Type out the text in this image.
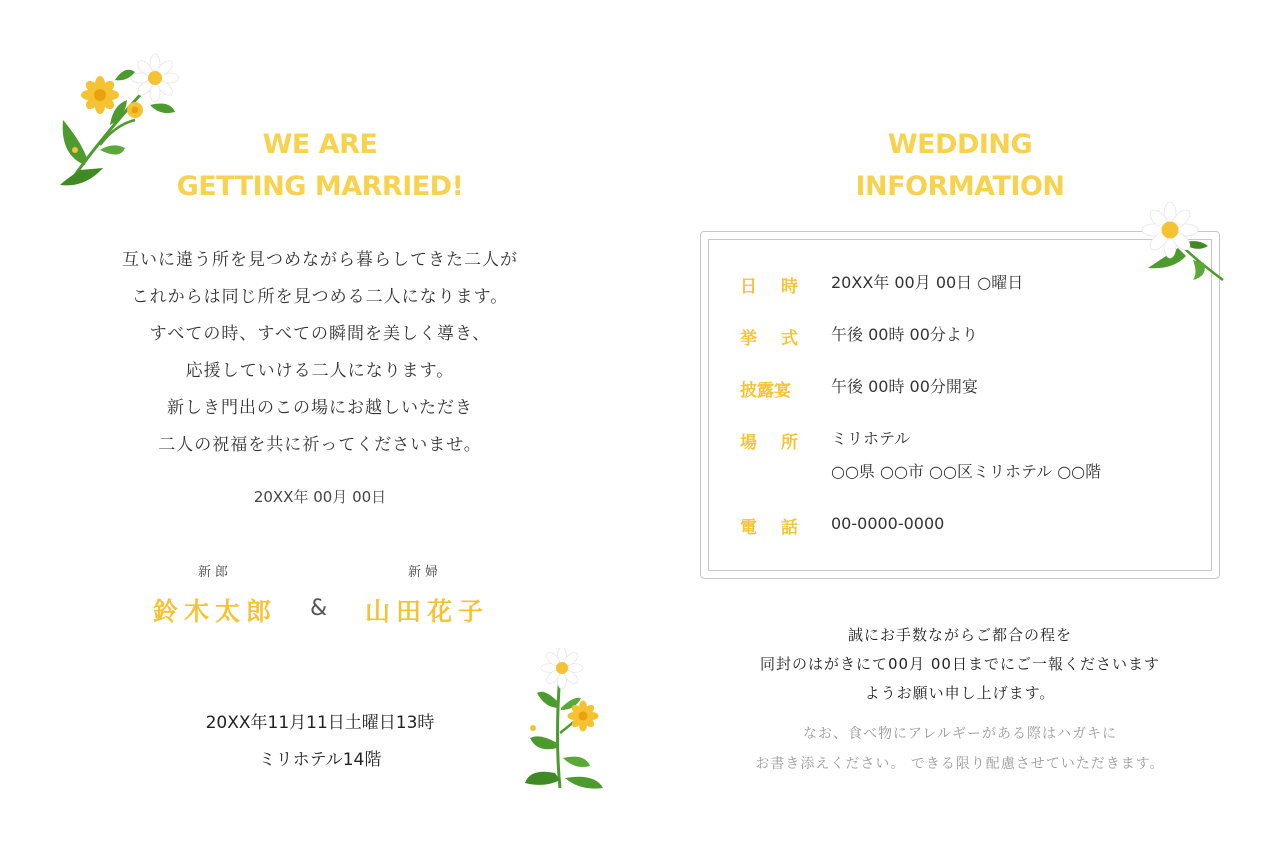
WE ARE
GETTING MARRIED!
互いに違う所を見つめながら暮らしてきた二人が
これからは同じ所を見つめる二人になります。
すべての時、すべての瞬間を美しく導き、
応援していける二人になります。
新しき門出のこの場にお越しいただき
二人の祝福を共に祈ってくださいませ。
20XX年 00月 00日
新郎	新婦
鈴木太郎	&	山田花子
20XX年11月11日土曜日13時
ミリホテル14階
WEDDING
INFORMATION
日 時 20XX年 00月 00日 ○曜日
挙 式 午後 00時 00分より
披露宴	午後 00時 00分開宴
場 所 ミリホテル
○○県 ○○市 ○○区ミリホテル ○○階
電 話 00-0000-0000
誠にお手数ながらご都合の程を
同封のはがきにて00月 00日までにご一報くださいます
ようお願い申し上げます。
なお、食べ物にアレルギーがある際はハガキに
お書き添えください。 できる限り配慮させていただきます。
